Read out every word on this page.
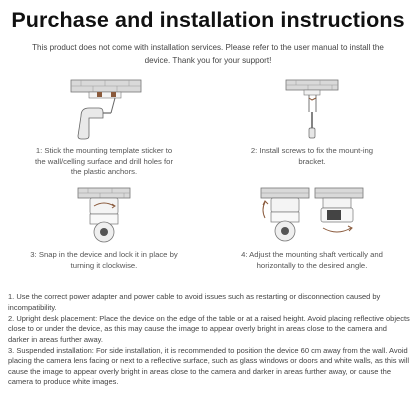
Purchase and installation instructions
This product does not come with installation services. Please refer to the user manual to install the device. Thank you for your support!
1: Stick the mounting template sticker to the wall/celling surface and drill holes for the plastic anchors.
2: Install screws to fix the mount-ing bracket.
3: Snap in the device and lock it in place by turning it clockwise.
4: Adjust the mounting shaft vertically and horizontally to the desired angle.

1. Use the correct power adapter and power cable to avoid issues such as restarting or disconnection caused by incompatibility.

2. Upright desk placement: Place the device on the edge of the table or at a raised height. Avoid placing reflective objects close to or under the device, as this may cause the image to appear overly bright in areas close to the camera and darker in areas further away.

3. Suspended installation: For side installation, it is recommended to position the device 60 cm away from the wall. Avoid placing the camera lens facing or next to a reflective surface, such as glass windows or doors and white walls, as this will cause the image to appear overly bright in areas close to the camera and darker in areas further away, or cause the camera to produce white images.
